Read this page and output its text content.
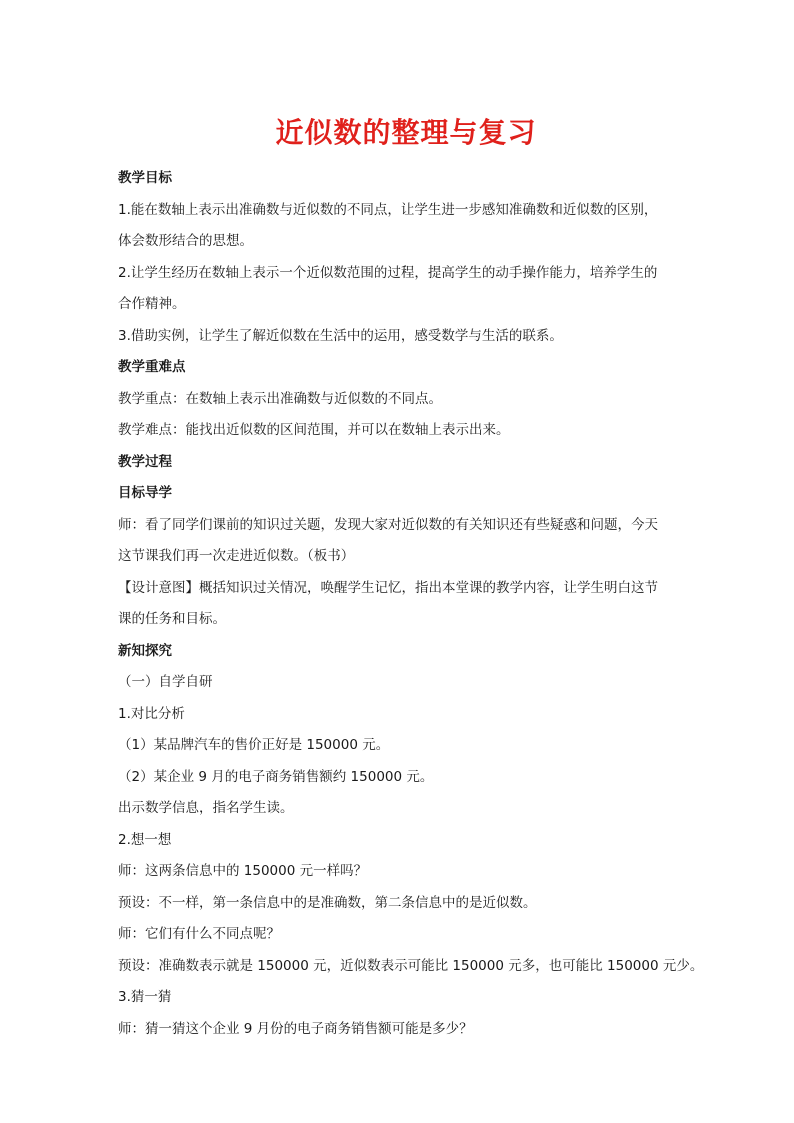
近似数的整理与复习
教学目标
1.能在数轴上表示出准确数与近似数的不同点，让学生进一步感知准确数和近似数的区别，
体会数形结合的思想。
2.让学生经历在数轴上表示一个近似数范围的过程，提高学生的动手操作能力，培养学生的
合作精神。
3.借助实例，让学生了解近似数在生活中的运用，感受数学与生活的联系。
教学重难点
教学重点：在数轴上表示出准确数与近似数的不同点。
教学难点：能找出近似数的区间范围，并可以在数轴上表示出来。
教学过程
目标导学
师：看了同学们课前的知识过关题，发现大家对近似数的有关知识还有些疑惑和问题，今天
这节课我们再一次走进近似数。（板书）
【设计意图】概括知识过关情况，唤醒学生记忆，指出本堂课的教学内容，让学生明白这节
课的任务和目标。
新知探究
（一）自学自研
1.对比分析
（1）某品牌汽车的售价正好是 150000 元。
（2）某企业 9 月的电子商务销售额约 150000 元。
出示数学信息，指名学生读。
2.想一想
师：这两条信息中的 150000 元一样吗？
预设：不一样，第一条信息中的是准确数，第二条信息中的是近似数。
师：它们有什么不同点呢？
预设：准确数表示就是 150000 元，近似数表示可能比 150000 元多，也可能比 150000 元少。
3.猜一猜
师：猜一猜这个企业 9 月份的电子商务销售额可能是多少？
